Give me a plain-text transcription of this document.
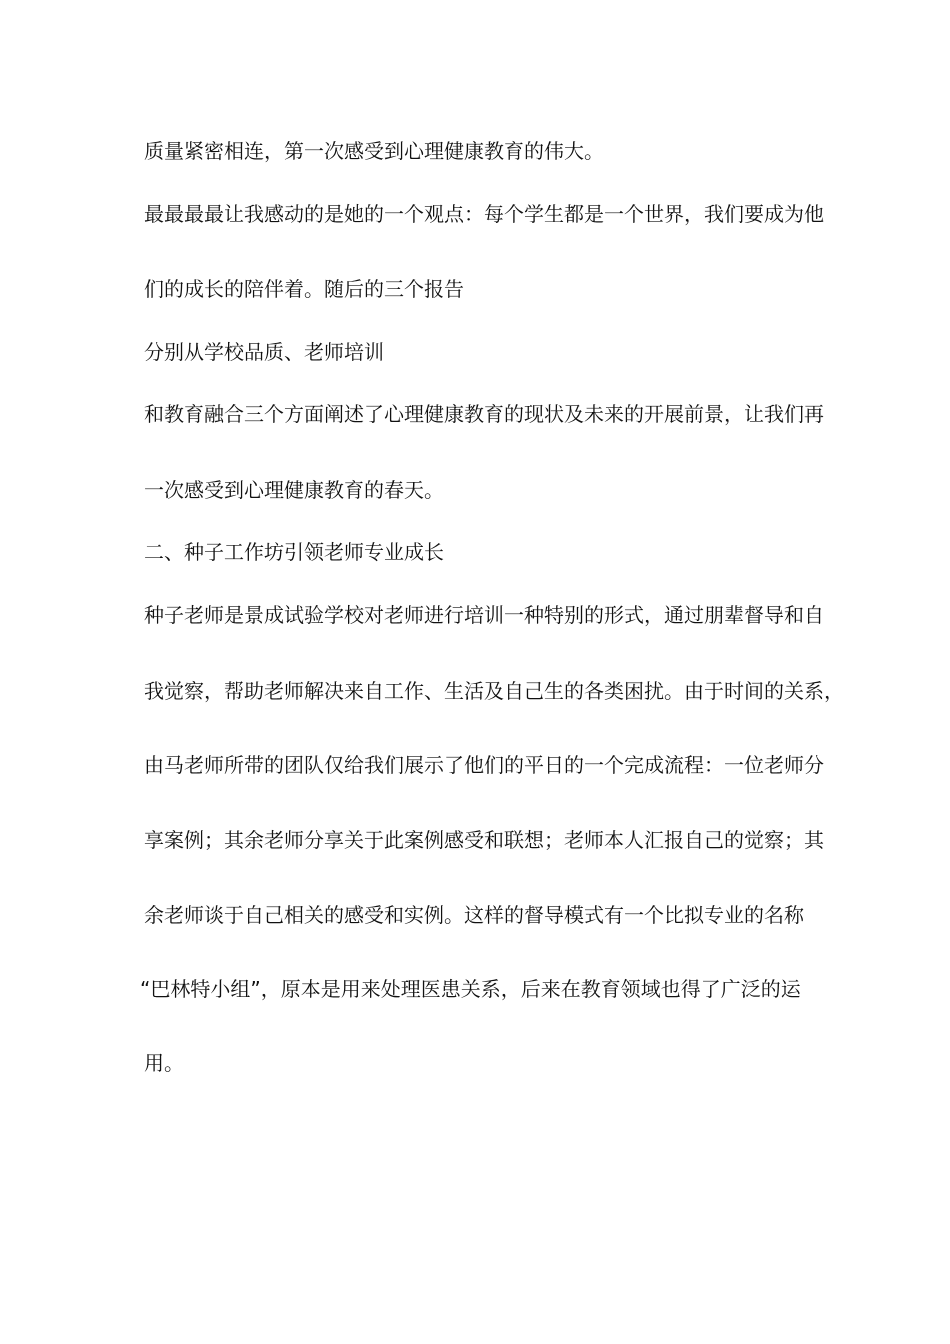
质量紧密相连，第一次感受到心理健康教育的伟大。
最最最最让我感动的是她的一个观点：每个学生都是一个世界，我们要成为他
们的成长的陪伴着。随后的三个报告
分别从学校品质、老师培训
和教育融合三个方面阐述了心理健康教育的现状及未来的开展前景，让我们再
一次感受到心理健康教育的春天。
二、种子工作坊引领老师专业成长
种子老师是景成试验学校对老师进行培训一种特别的形式，通过朋辈督导和自
我觉察，帮助老师解决来自工作、生活及自己生的各类困扰。由于时间的关系，
由马老师所带的团队仅给我们展示了他们的平日的一个完成流程：一位老师分
享案例；其余老师分享关于此案例感受和联想；老师本人汇报自己的觉察；其
余老师谈于自己相关的感受和实例。这样的督导模式有一个比拟专业的名称
“巴林特小组”，原本是用来处理医患关系，后来在教育领域也得了广泛的运
用。
